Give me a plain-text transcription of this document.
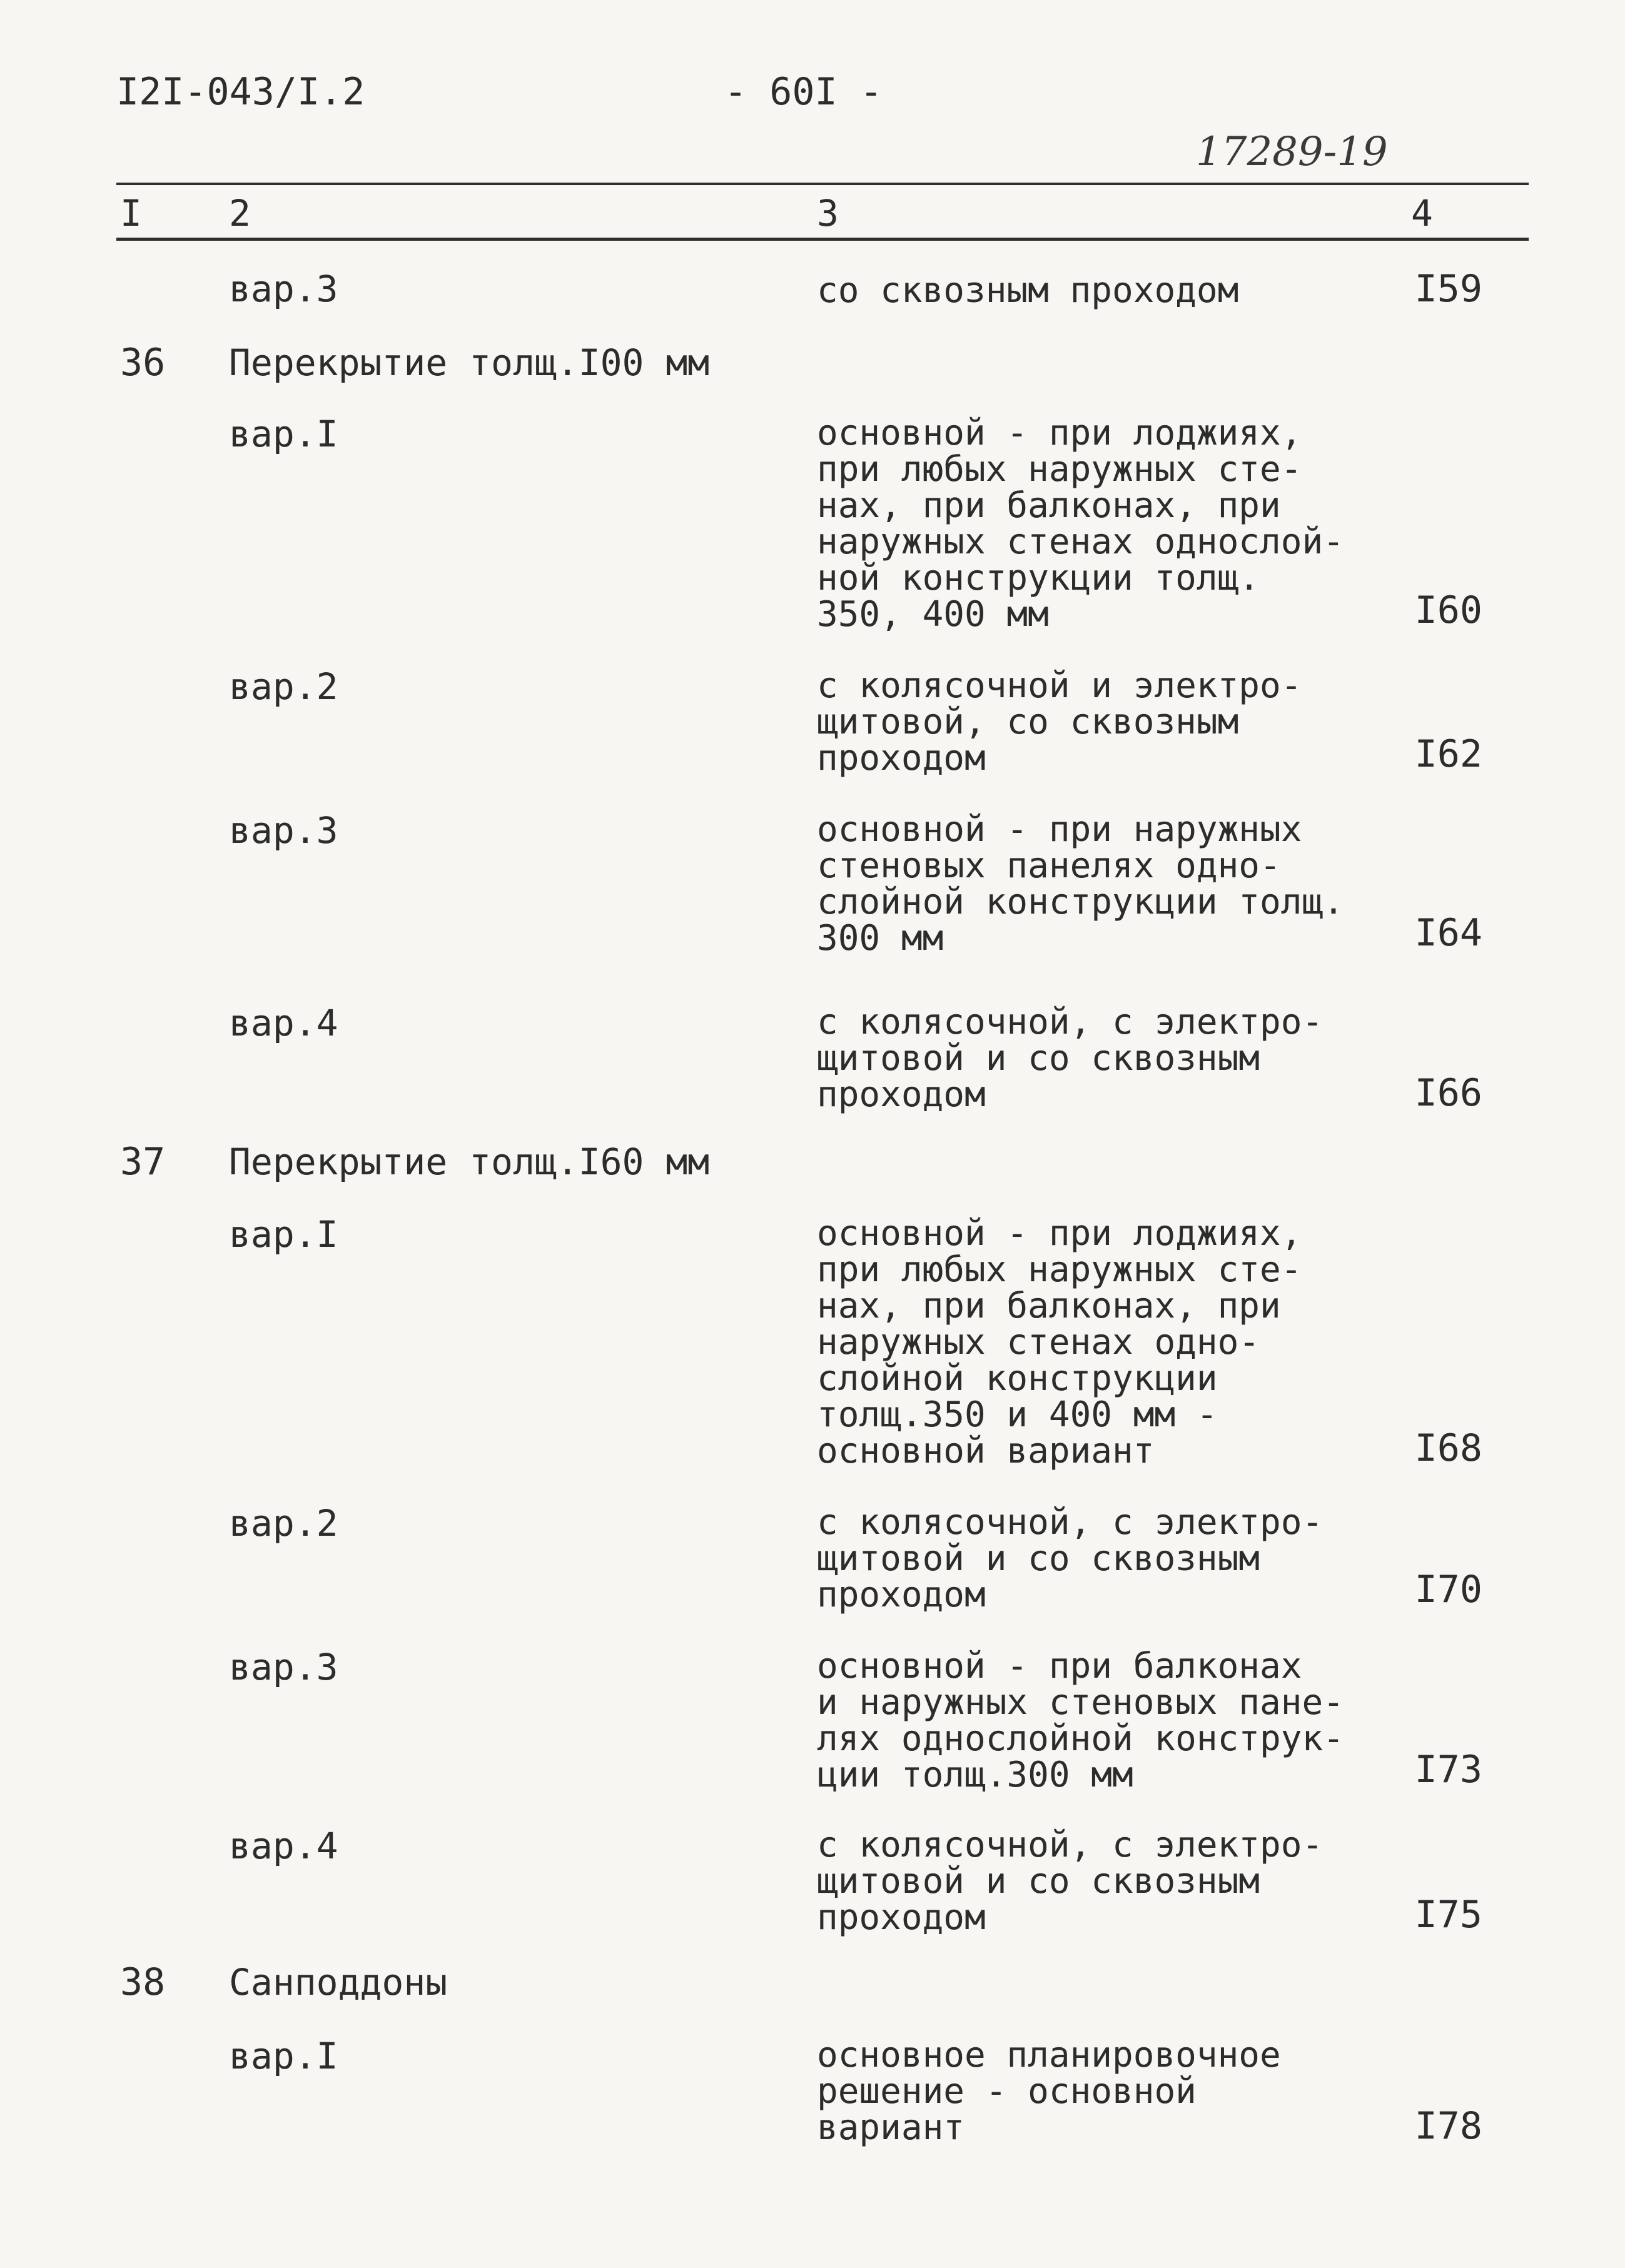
I2I-043/I.2	- 60I -
17289-19
I 2	3	4
вар.3	со сквозным проходом	I59
36 Перекрытие толщ.I00 мм
вар.I	основной - при лоджиях,
при любых наружных сте-
нах, при балконах, при
наружных стенах однослой-
ной конструкции толщ.
350, 400 мм	I60
вар.2	с колясочной и электро-
щитовой, со сквозным
проходом	I62
вар.3	основной - при наружных
стеновых панелях одно-
слойной конструкции толщ.
300 мм	I64
вар.4	с колясочной, с электро-
щитовой и со сквозным
проходом	I66
37 Перекрытие толщ.I60 мм
вар.I	основной - при лоджиях,
при любых наружных сте-
нах, при балконах, при
наружных стенах одно-
слойной конструкции
толщ.350 и 400 мм -
основной вариант	I68
вар.2	с колясочной, с электро-
щитовой и со сквозным
проходом	I70
вар.3	основной - при балконах
и наружных стеновых пане-
лях однослойной конструк-
ции толщ.300 мм	I73
вар.4	с колясочной, с электро-
щитовой и со сквозным
проходом	I75
38 Санподдоны
вар.I	основное планировочное
решение - основной
вариант	I78
